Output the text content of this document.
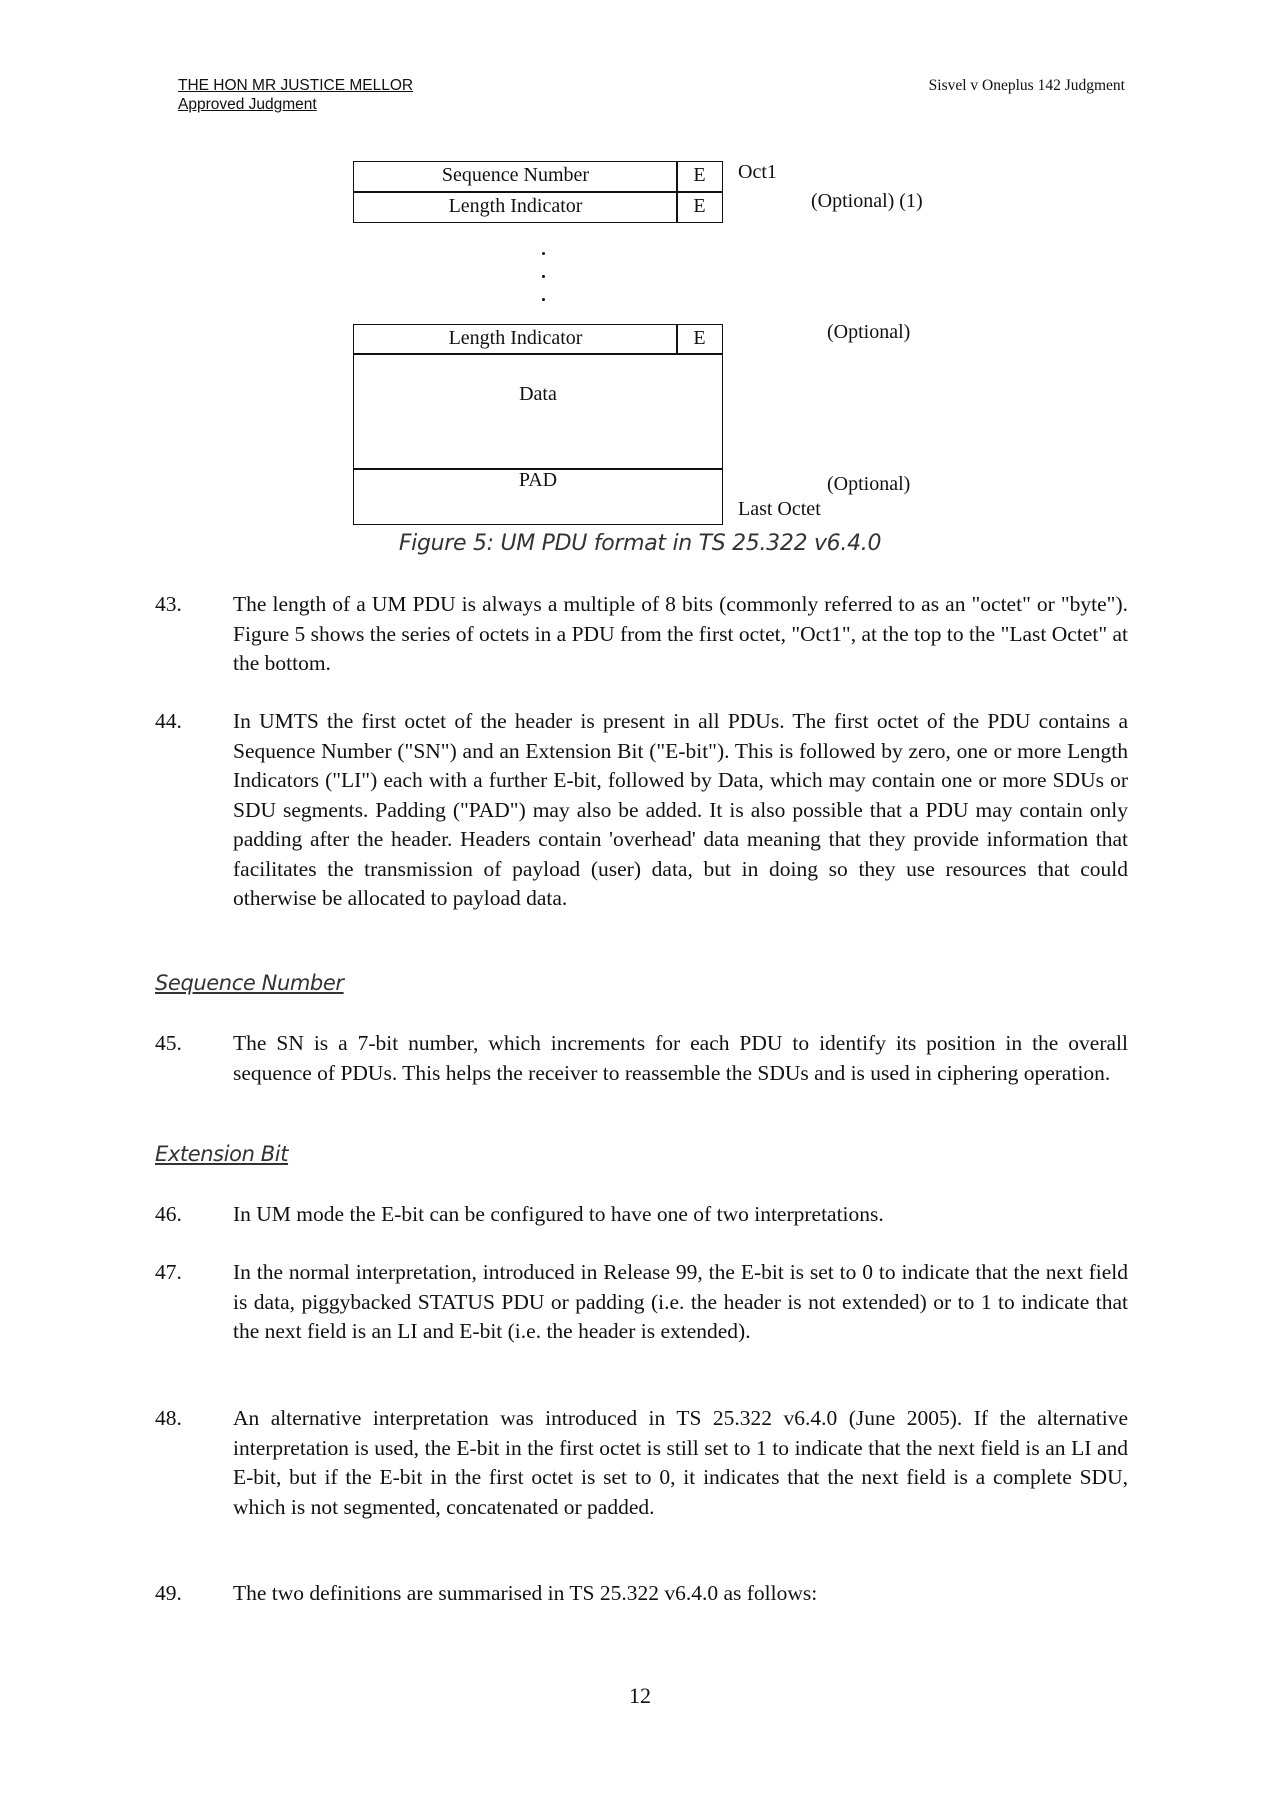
THE HON MR JUSTICE MELLOR
Approved Judgment
Sisvel v Oneplus 142 Judgment
Sequence Number	E	Oct1
Length Indicator	E	(Optional) (1)
Length Indicator	E	(Optional)
Data
PAD	(Optional)
Last Octet
Figure 5: UM PDU format in TS 25.322 v6.4.0
43.	The length of a UM PDU is always a multiple of 8 bits (commonly referred to as an "octet" or "byte"). Figure 5 shows the series of octets in a PDU from the first octet, "Oct1", at the top to the "Last Octet" at the bottom.
44.	In UMTS the first octet of the header is present in all PDUs. The first octet of the PDU contains a Sequence Number ("SN") and an Extension Bit ("E-bit"). This is followed by zero, one or more Length Indicators ("LI") each with a further E-bit, followed by Data, which may contain one or more SDUs or SDU segments. Padding ("PAD") may also be added. It is also possible that a PDU may contain only padding after the header. Headers contain 'overhead' data meaning that they provide information that facilitates the transmission of payload (user) data, but in doing so they use resources that could otherwise be allocated to payload data.
Sequence Number
45.	The SN is a 7-bit number, which increments for each PDU to identify its position in the overall sequence of PDUs. This helps the receiver to reassemble the SDUs and is used in ciphering operation.
Extension Bit
46.	In UM mode the E-bit can be configured to have one of two interpretations.
47.	In the normal interpretation, introduced in Release 99, the E-bit is set to 0 to indicate that the next field is data, piggybacked STATUS PDU or padding (i.e. the header is not extended) or to 1 to indicate that the next field is an LI and E-bit (i.e. the header is extended).
48.	An alternative interpretation was introduced in TS 25.322 v6.4.0 (June 2005). If the alternative interpretation is used, the E-bit in the first octet is still set to 1 to indicate that the next field is an LI and E-bit, but if the E-bit in the first octet is set to 0, it indicates that the next field is a complete SDU, which is not segmented, concatenated or padded.
49.	The two definitions are summarised in TS 25.322 v6.4.0 as follows:
12
